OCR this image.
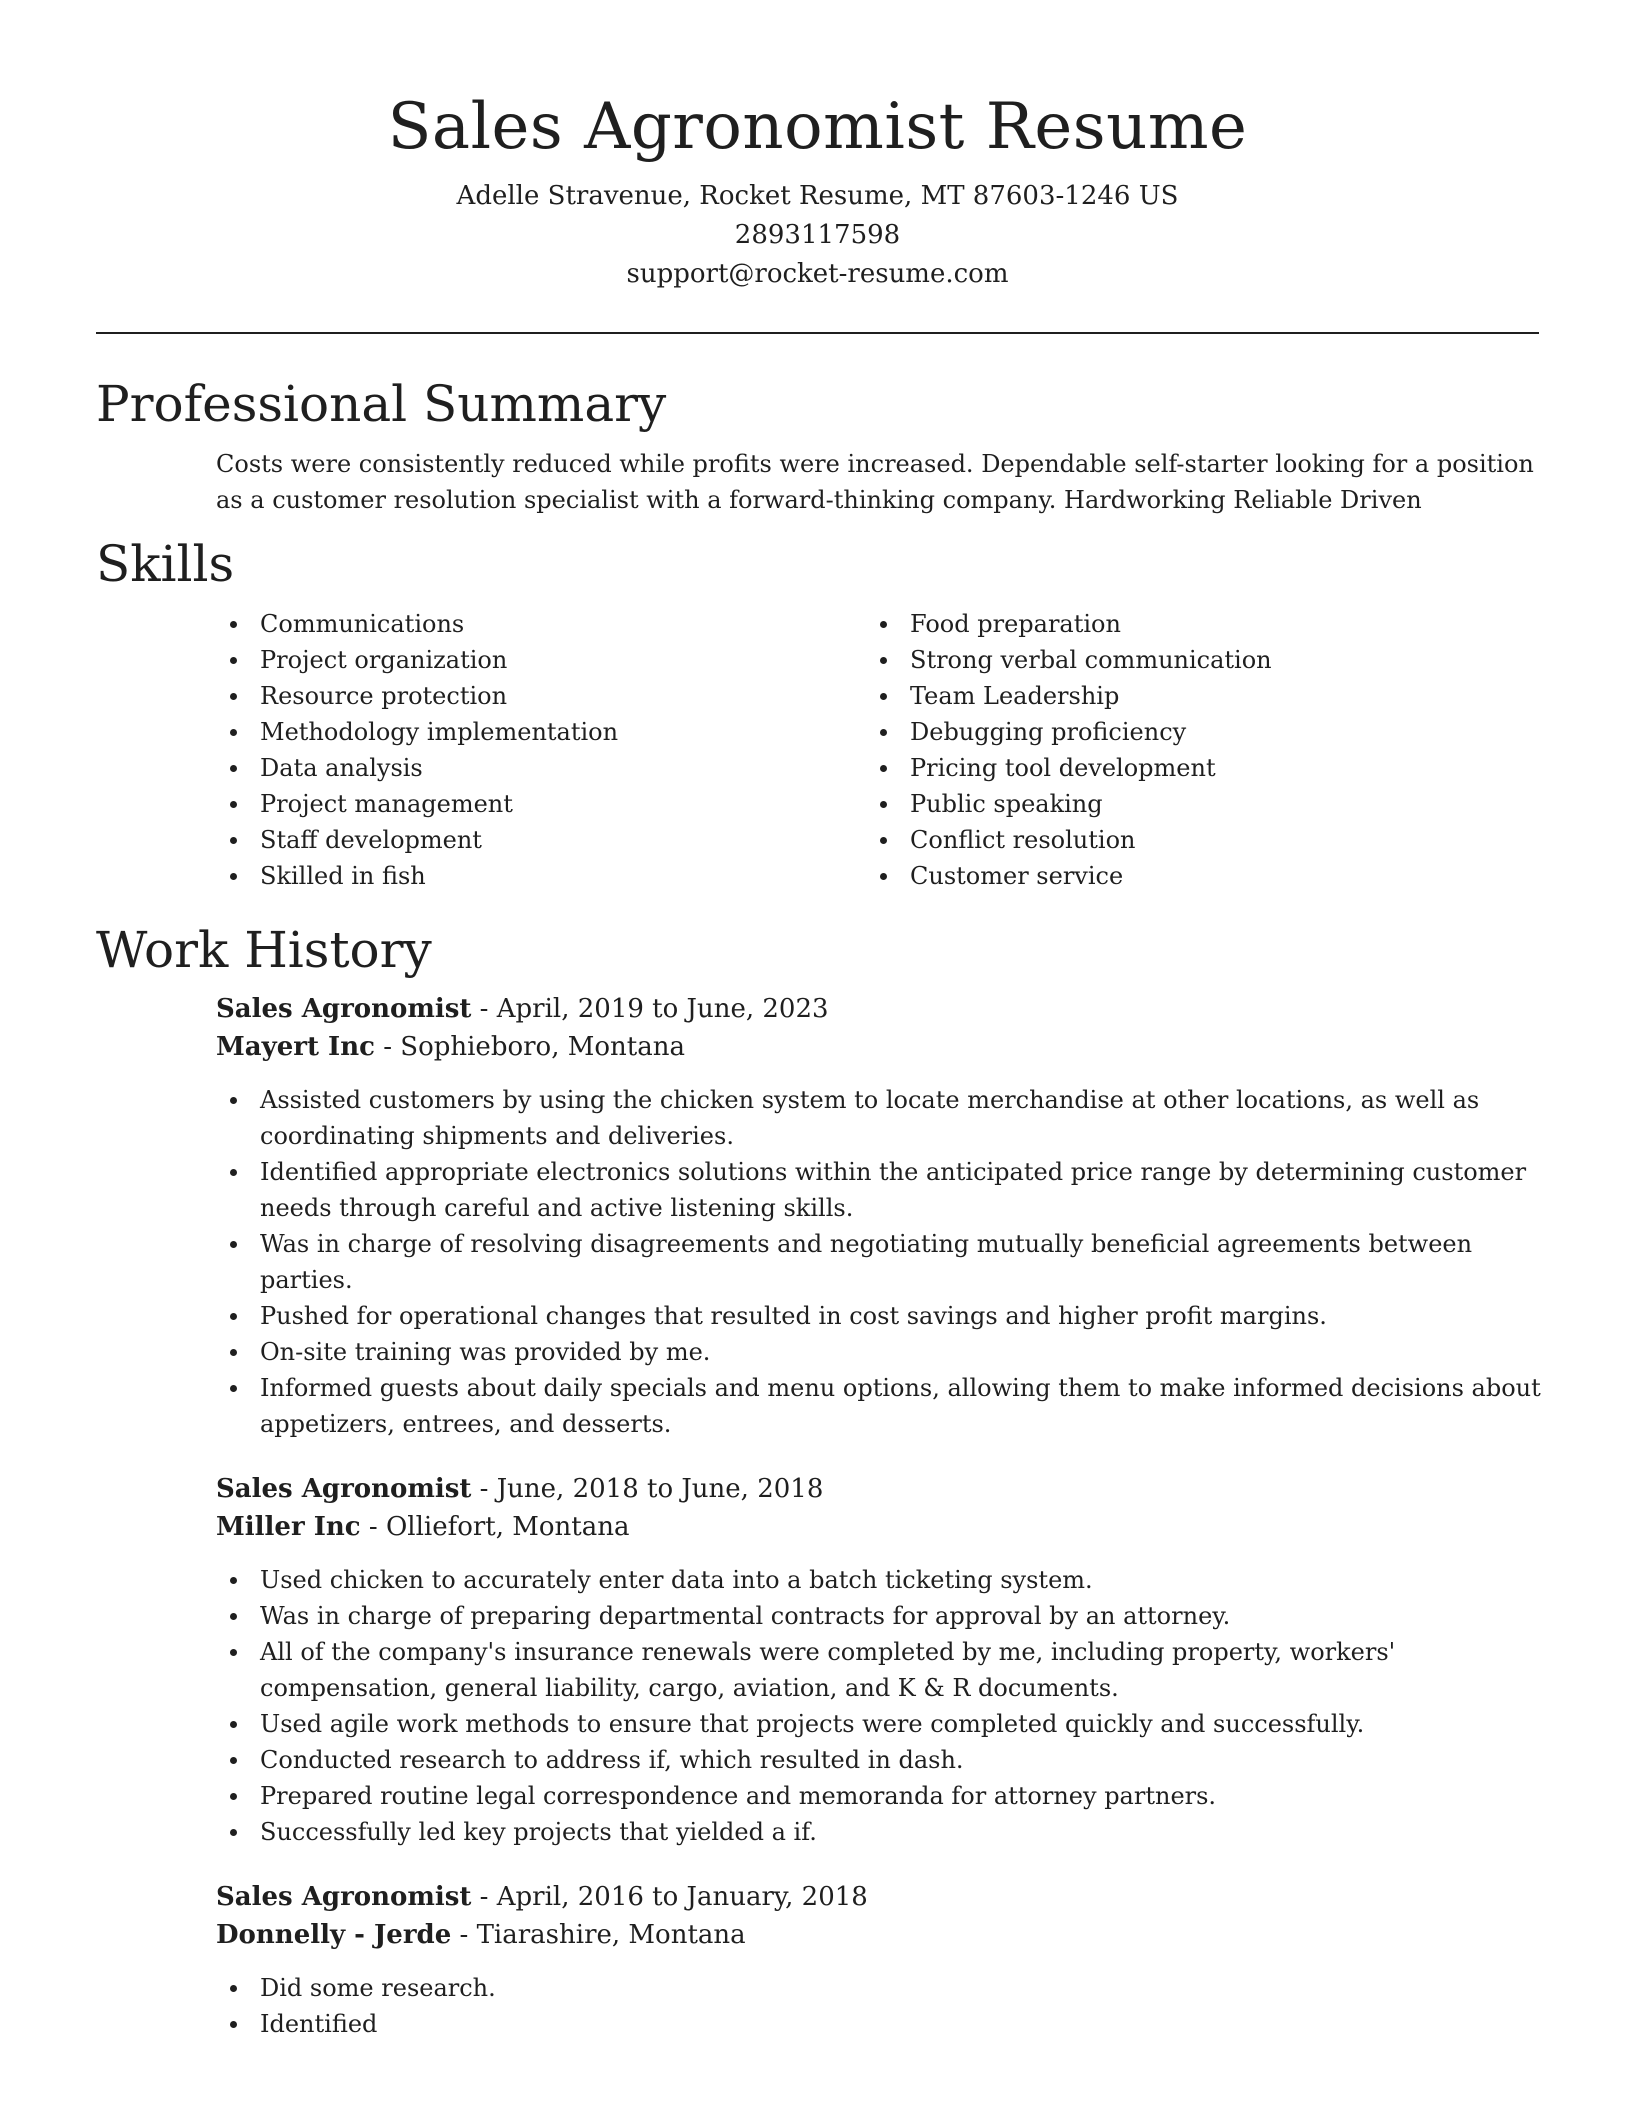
Sales Agronomist Resume
Adelle Stravenue, Rocket Resume, MT 87603-1246 US
2893117598
support@rocket-resume.com
Professional Summary

Costs were consistently reduced while profits were increased. Dependable self-starter looking for a position as a customer resolution specialist with a forward-thinking company. Hardworking Reliable Driven

Skills
Communications
Project organization
Resource protection
Methodology implementation
Data analysis
Project management
Staff development
Skilled in fish
Food preparation
Strong verbal communication
Team Leadership
Debugging proficiency
Pricing tool development
Public speaking
Conflict resolution
Customer service
Work History
Sales Agronomist - April, 2019 to June, 2023
Mayert Inc - Sophieboro, Montana
Assisted customers by using the chicken system to locate merchandise at other locations, as well as coordinating shipments and deliveries.
Identified appropriate electronics solutions within the anticipated price range by determining customer needs through careful and active listening skills.
Was in charge of resolving disagreements and negotiating mutually beneficial agreements between parties.
Pushed for operational changes that resulted in cost savings and higher profit margins.
On-site training was provided by me.
Informed guests about daily specials and menu options, allowing them to make informed decisions about appetizers, entrees, and desserts.
Sales Agronomist - June, 2018 to June, 2018
Miller Inc - Olliefort, Montana
Used chicken to accurately enter data into a batch ticketing system.
Was in charge of preparing departmental contracts for approval by an attorney.
All of the company's insurance renewals were completed by me, including property, workers' compensation, general liability, cargo, aviation, and K & R documents.
Used agile work methods to ensure that projects were completed quickly and successfully.
Conducted research to address if, which resulted in dash.
Prepared routine legal correspondence and memoranda for attorney partners.
Successfully led key projects that yielded a if.
Sales Agronomist - April, 2016 to January, 2018
Donnelly - Jerde - Tiarashire, Montana
Did some research.
Identified
